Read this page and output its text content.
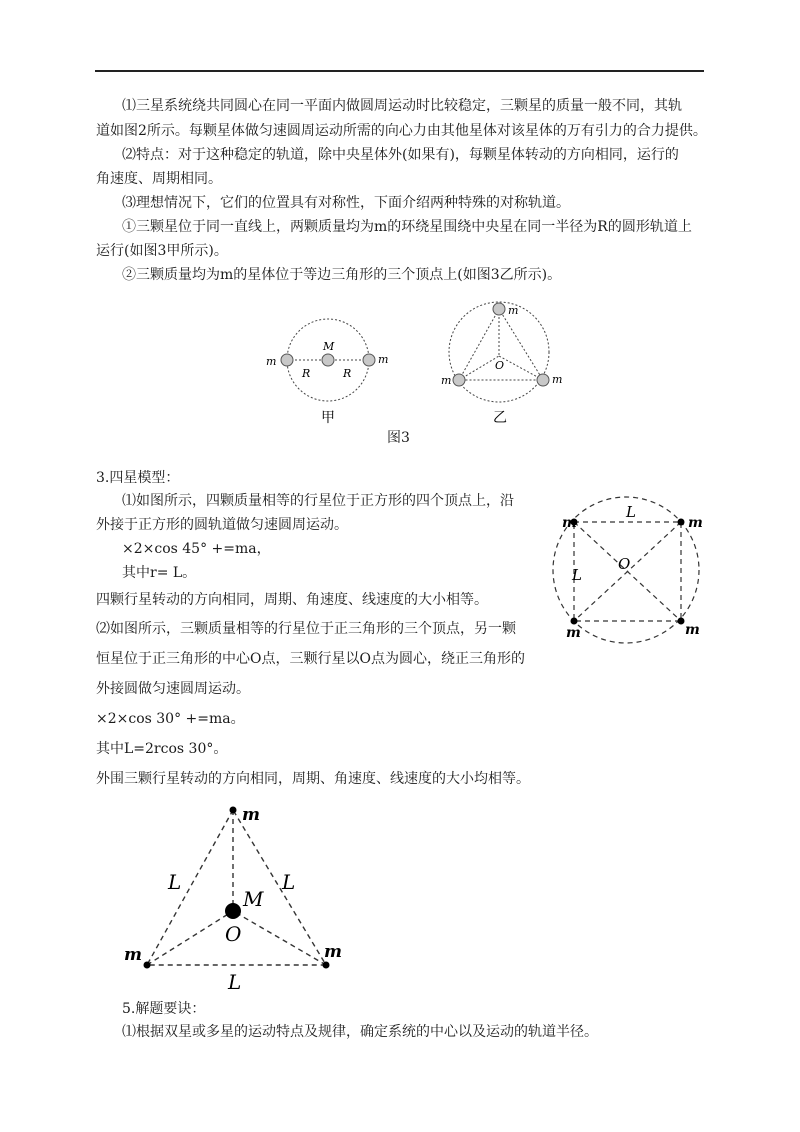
⑴三星系统绕共同圆心在同一平面内做圆周运动时比较稳定，三颗星的质量一般不同，其轨
道如图2所示。每颗星体做匀速圆周运动所需的向心力由其他星体对该星体的万有引力的合力提供。
⑵特点：对于这种稳定的轨道，除中央星体外(如果有)，每颗星体转动的方向相同，运行的
角速度、周期相同。
⑶理想情况下，它们的位置具有对称性，下面介绍两种特殊的对称轨道。
①三颗星位于同一直线上，两颗质量均为m的环绕星围绕中央星在同一半径为R的圆形轨道上
运行(如图3甲所示)。
②三颗质量均为m的星体位于等边三角形的三个顶点上(如图3乙所示)。
m	m
M
R	R
甲
m
m	m
O
乙
图3
3.四星模型：
⑴如图所示，四颗质量相等的行星位于正方形的四个顶点上，沿
外接于正方形的圆轨道做匀速圆周运动。
×2×cos 45° +=ma，
其中r= L。
四颗行星转动的方向相同，周期、角速度、线速度的大小相等。
⑵如图所示，三颗质量相等的行星位于正三角形的三个顶点，另一颗
恒星位于正三角形的中心O点，三颗行星以O点为圆心，绕正三角形的
外接圆做匀速圆周运动。
×2×cos 30° +=ma。
其中L=2rcos 30°。
外围三颗行星转动的方向相同，周期、角速度、线速度的大小均相等。
m	m
m	m
L
L
O
m
m	m
L	L
L
M
O
5.解题要诀：
⑴根据双星或多星的运动特点及规律，确定系统的中心以及运动的轨道半径。
